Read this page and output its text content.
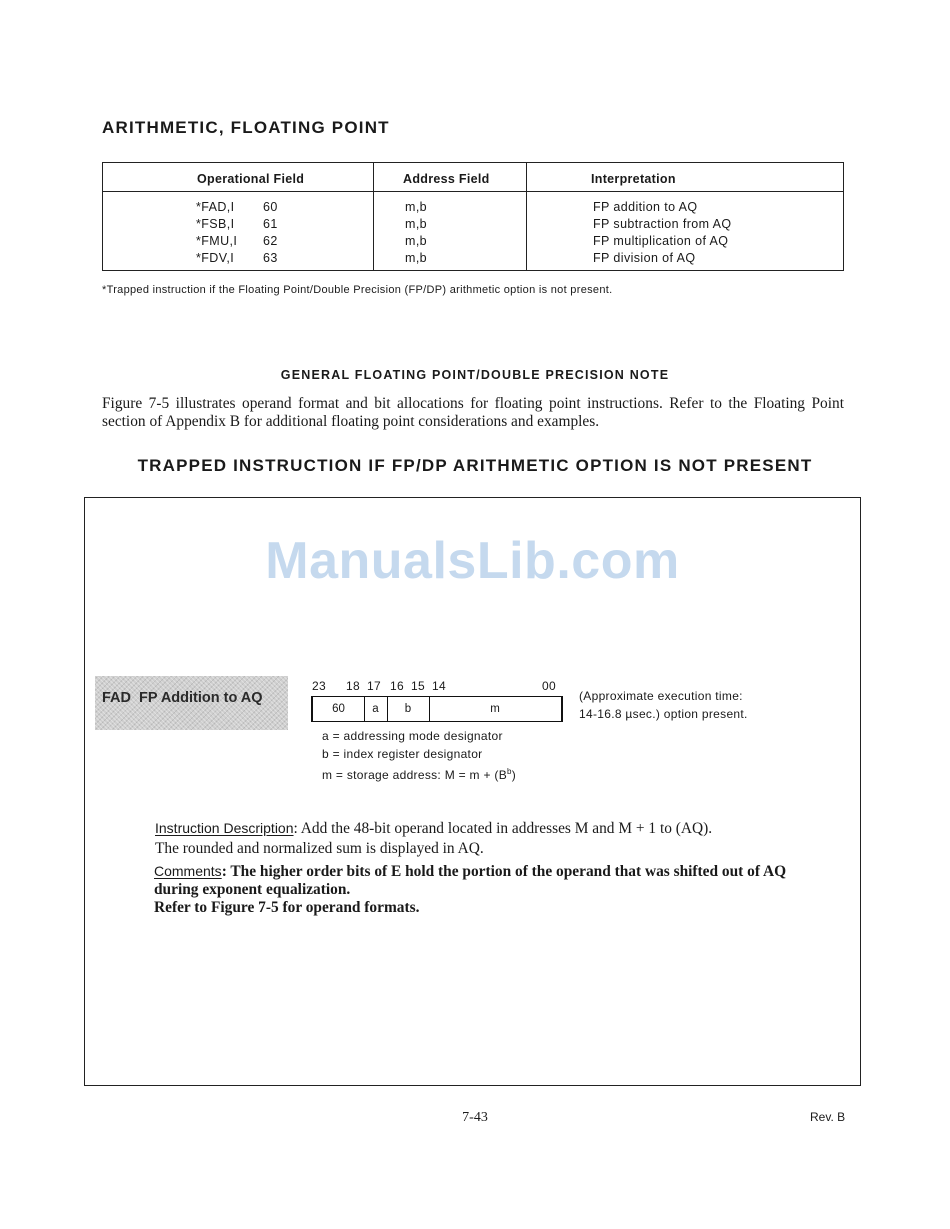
ARITHMETIC, FLOATING POINT
Operational Field	Address Field	Interpretation
*FAD,I 60	m,b	FP addition to AQ
*FSB,I 61	m,b	FP subtraction from AQ
*FMU,I 62	m,b	FP multiplication of AQ
*FDV,I 63	m,b	FP division of AQ
*Trapped instruction if the Floating Point/Double Precision (FP/DP) arithmetic option is not present.
GENERAL FLOATING POINT/DOUBLE PRECISION NOTE
Figure 7-5 illustrates operand format and bit allocations for floating point instructions. Refer to the Floating Point section of Appendix B for additional floating point considerations and examples.
TRAPPED INSTRUCTION IF FP/DP ARITHMETIC OPTION IS NOT PRESENT
ManualsLib.com
FAD  FP Addition to AQ
23 18 17 16 15 14	00
60	a	b	m
(Approximate execution time:
14-16.8 µsec.) option present.
a = addressing mode designator
b = index register designator
m = storage address: $M = m + (B^b)$
Instruction Description: Add the 48-bit operand located in addresses M and M + 1 to (AQ).
The rounded and normalized sum is displayed in AQ.
Comments: The higher order bits of E hold the portion of the operand that was shifted out of AQ
during exponent equalization.
Refer to Figure 7-5 for operand formats.
7-43	Rev. B
